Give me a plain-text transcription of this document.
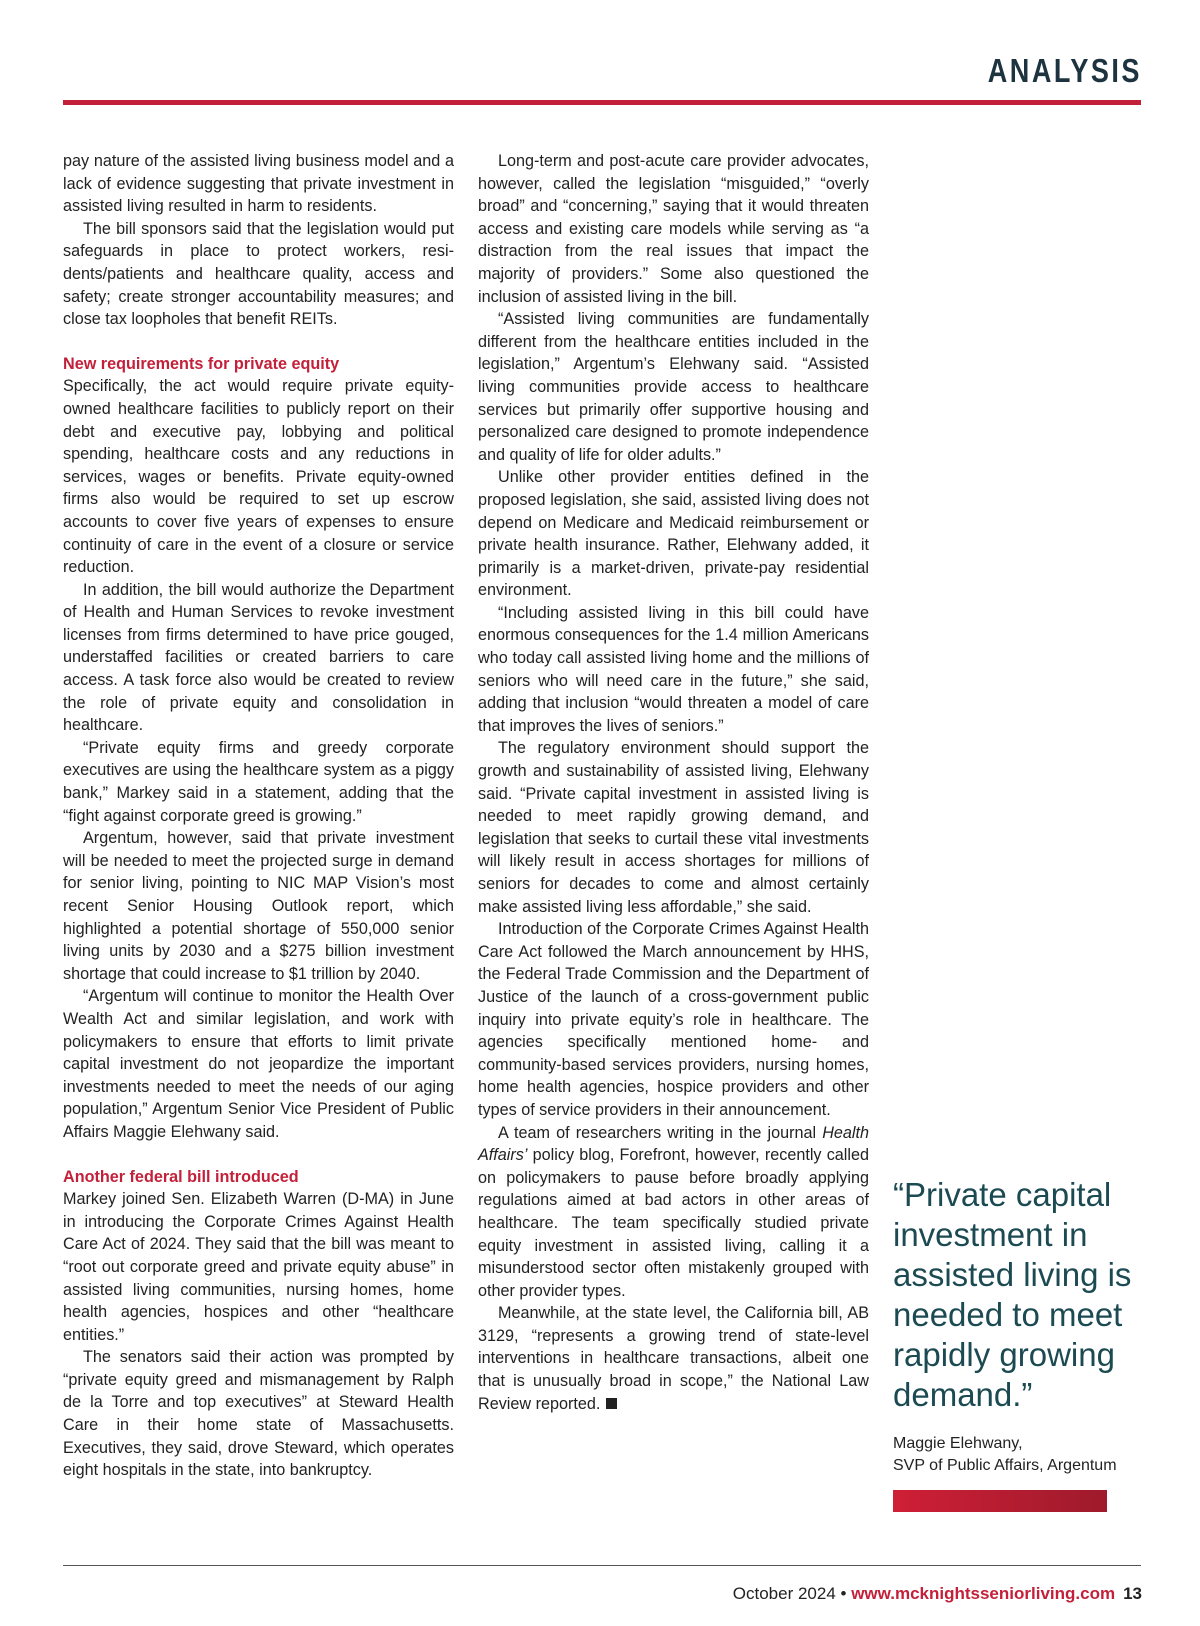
ANALYSIS

pay nature of the assisted living business model and a lack of evidence suggesting that private investment in assisted living resulted in harm to residents.

The bill sponsors said that the legislation would put safeguards in place to protect workers, residents/patients and healthcare quality, access and safety; create stronger accountability measures; and close tax loopholes that benefit REITs.

New requirements for private equity

Specifically, the act would require private equity-owned healthcare facilities to publicly report on their debt and executive pay, lobbying and political spending, healthcare costs and any reductions in services, wages or benefits. Private equity-owned firms also would be required to set up escrow accounts to cover five years of expenses to ensure continuity of care in the event of a closure or service reduction.

In addition, the bill would authorize the Department of Health and Human Services to revoke investment licenses from firms determined to have price gouged, understaffed facilities or created barriers to care access. A task force also would be created to review the role of private equity and consolidation in healthcare.

“Private equity firms and greedy corporate executives are using the healthcare system as a piggy bank,” Markey said in a statement, adding that the “fight against corporate greed is growing.”

Argentum, however, said that private investment will be needed to meet the projected surge in demand for senior living, pointing to NIC MAP Vision’s most recent Senior Housing Outlook report, which highlighted a potential shortage of 550,000 senior living units by 2030 and a $275 billion investment shortage that could increase to $1 trillion by 2040.

“Argentum will continue to monitor the Health Over Wealth Act and similar legislation, and work with policymakers to ensure that efforts to limit private capital investment do not jeopardize the important investments needed to meet the needs of our aging population,” Argentum Senior Vice President of Public Affairs Maggie Elehwany said.

Another federal bill introduced

Markey joined Sen. Elizabeth Warren (D-MA) in June in introducing the Corporate Crimes Against Health Care Act of 2024. They said that the bill was meant to “root out corporate greed and private equity abuse” in assisted living communities, nursing homes, home health agencies, hospices and other “healthcare entities.”

The senators said their action was prompted by “private equity greed and mismanagement by Ralph de la Torre and top executives” at Steward Health Care in their home state of Massachusetts. Executives, they said, drove Steward, which operates eight hospitals in the state, into bankruptcy.

Long-term and post-acute care provider advocates, however, called the legislation “misguided,” “overly broad” and “concerning,” saying that it would threaten access and existing care models while serving as “a distraction from the real issues that impact the majority of providers.” Some also questioned the inclusion of assisted living in the bill.

“Assisted living communities are fundamentally different from the healthcare entities included in the legislation,” Argentum’s Elehwany said. “Assisted living communities provide access to healthcare services but primarily offer supportive housing and personalized care designed to promote independence and quality of life for older adults.”

Unlike other provider entities defined in the proposed legislation, she said, assisted living does not depend on Medicare and Medicaid reimbursement or private health insurance. Rather, Elehwany added, it primarily is a market-driven, private-pay residential environment.

“Including assisted living in this bill could have enormous consequences for the 1.4 million Americans who today call assisted living home and the millions of seniors who will need care in the future,” she said, adding that inclusion “would threaten a model of care that improves the lives of seniors.”

The regulatory environment should support the growth and sustainability of assisted living, Elehwany said. “Private capital investment in assisted living is needed to meet rapidly growing demand, and legislation that seeks to curtail these vital investments will likely result in access shortages for millions of seniors for decades to come and almost certainly make assisted living less affordable,” she said.

Introduction of the Corporate Crimes Against Health Care Act followed the March announcement by HHS, the Federal Trade Commission and the Department of Justice of the launch of a cross-government public inquiry into private equity’s role in healthcare. The agencies specifically mentioned home- and community-based services providers, nursing homes, home health agencies, hospice providers and other types of service providers in their announcement.

A team of researchers writing in the journal Health Affairs’ policy blog, Forefront, however, recently called on policymakers to pause before broadly applying regulations aimed at bad actors in other areas of healthcare. The team specifically studied private equity investment in assisted living, calling it a misunderstood sector often mistakenly grouped with other provider types.

Meanwhile, at the state level, the California bill, AB 3129, “represents a growing trend of state-level interventions in healthcare transactions, albeit one that is unusually broad in scope,” the National Law Review reported.

“Private capital investment in assisted living is needed to meet rapidly growing demand.”

Maggie Elehwany,
SVP of Public Affairs, Argentum

October 2024 • www.mcknightsseniorliving.com 13
